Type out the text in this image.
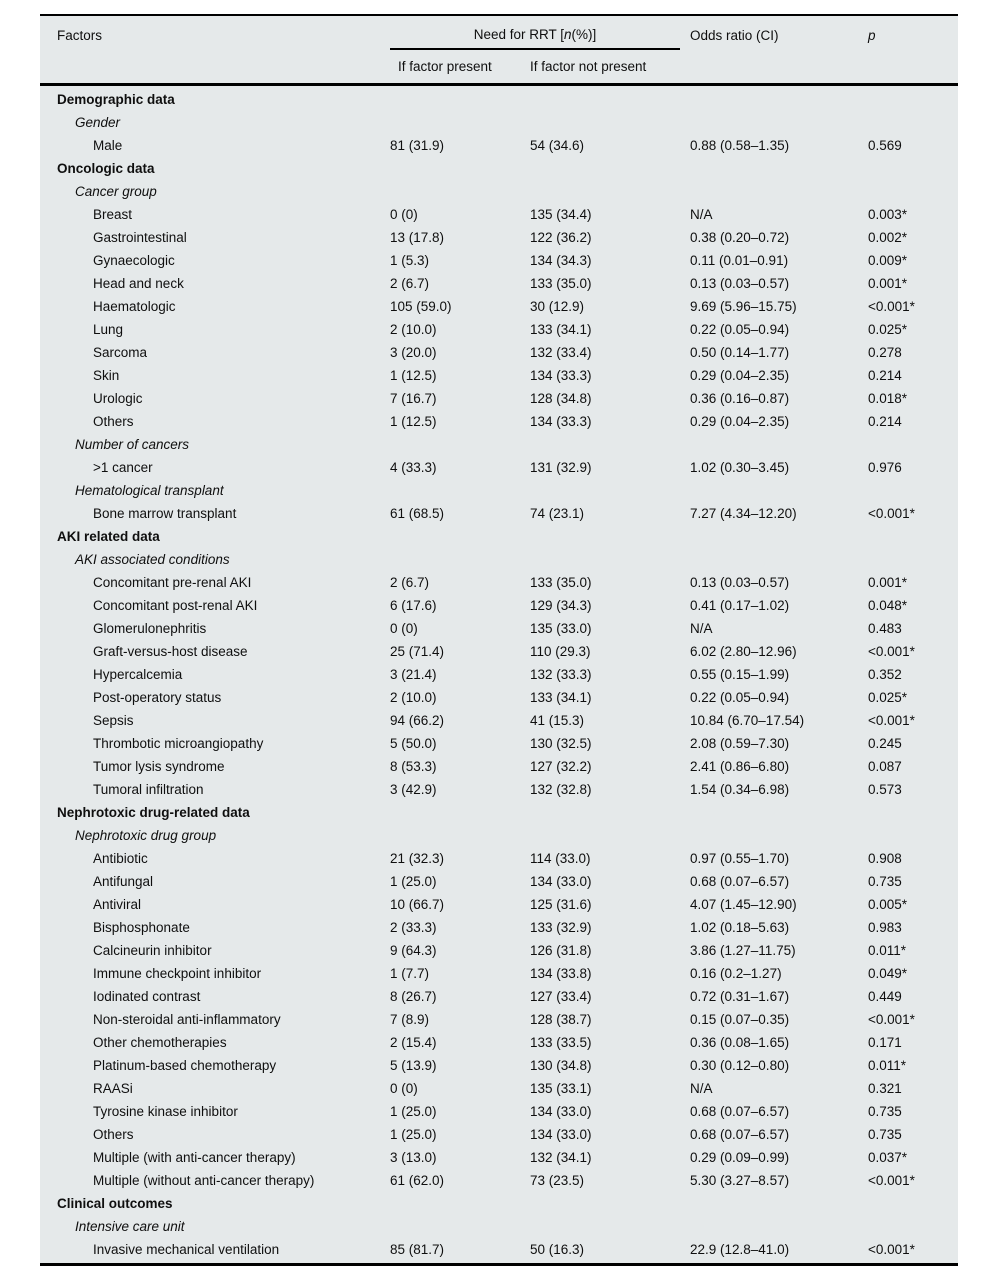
Factors	Need for RRT [ n (%)]	Odds ratio (CI)	p
If factor present	If factor not present
Demographic data
Gender
Male	81 (31.9)	54 (34.6)	0.88 (0.58–1.35)	0.569
Oncologic data
Cancer group
Breast	0 (0)	135 (34.4)	N/A	0.003*
Gastrointestinal	13 (17.8)	122 (36.2)	0.38 (0.20–0.72)	0.002*
Gynaecologic	1 (5.3)	134 (34.3)	0.11 (0.01–0.91)	0.009*
Head and neck	2 (6.7)	133 (35.0)	0.13 (0.03–0.57)	0.001*
Haematologic	105 (59.0)	30 (12.9)	9.69 (5.96–15.75)	<0.001*
Lung	2 (10.0)	133 (34.1)	0.22 (0.05–0.94)	0.025*
Sarcoma	3 (20.0)	132 (33.4)	0.50 (0.14–1.77)	0.278
Skin	1 (12.5)	134 (33.3)	0.29 (0.04–2.35)	0.214
Urologic	7 (16.7)	128 (34.8)	0.36 (0.16–0.87)	0.018*
Others	1 (12.5)	134 (33.3)	0.29 (0.04–2.35)	0.214
Number of cancers
>1 cancer	4 (33.3)	131 (32.9)	1.02 (0.30–3.45)	0.976
Hematological transplant
Bone marrow transplant	61 (68.5)	74 (23.1)	7.27 (4.34–12.20)	<0.001*
AKI related data
AKI associated conditions
Concomitant pre-renal AKI	2 (6.7)	133 (35.0)	0.13 (0.03–0.57)	0.001*
Concomitant post-renal AKI	6 (17.6)	129 (34.3)	0.41 (0.17–1.02)	0.048*
Glomerulonephritis	0 (0)	135 (33.0)	N/A	0.483
Graft-versus-host disease	25 (71.4)	110 (29.3)	6.02 (2.80–12.96)	<0.001*
Hypercalcemia	3 (21.4)	132 (33.3)	0.55 (0.15–1.99)	0.352
Post-operatory status	2 (10.0)	133 (34.1)	0.22 (0.05–0.94)	0.025*
Sepsis	94 (66.2)	41 (15.3)	10.84 (6.70–17.54)	<0.001*
Thrombotic microangiopathy	5 (50.0)	130 (32.5)	2.08 (0.59–7.30)	0.245
Tumor lysis syndrome	8 (53.3)	127 (32.2)	2.41 (0.86–6.80)	0.087
Tumoral infiltration	3 (42.9)	132 (32.8)	1.54 (0.34–6.98)	0.573
Nephrotoxic drug-related data
Nephrotoxic drug group
Antibiotic	21 (32.3)	114 (33.0)	0.97 (0.55–1.70)	0.908
Antifungal	1 (25.0)	134 (33.0)	0.68 (0.07–6.57)	0.735
Antiviral	10 (66.7)	125 (31.6)	4.07 (1.45–12.90)	0.005*
Bisphosphonate	2 (33.3)	133 (32.9)	1.02 (0.18–5.63)	0.983
Calcineurin inhibitor	9 (64.3)	126 (31.8)	3.86 (1.27–11.75)	0.011*
Immune checkpoint inhibitor	1 (7.7)	134 (33.8)	0.16 (0.2–1.27)	0.049*
Iodinated contrast	8 (26.7)	127 (33.4)	0.72 (0.31–1.67)	0.449
Non-steroidal anti-inflammatory	7 (8.9)	128 (38.7)	0.15 (0.07–0.35)	<0.001*
Other chemotherapies	2 (15.4)	133 (33.5)	0.36 (0.08–1.65)	0.171
Platinum-based chemotherapy	5 (13.9)	130 (34.8)	0.30 (0.12–0.80)	0.011*
RAASi	0 (0)	135 (33.1)	N/A	0.321
Tyrosine kinase inhibitor	1 (25.0)	134 (33.0)	0.68 (0.07–6.57)	0.735
Others	1 (25.0)	134 (33.0)	0.68 (0.07–6.57)	0.735
Multiple (with anti-cancer therapy)	3 (13.0)	132 (34.1)	0.29 (0.09–0.99)	0.037*
Multiple (without anti-cancer therapy)	61 (62.0)	73 (23.5)	5.30 (3.27–8.57)	<0.001*
Clinical outcomes
Intensive care unit
Invasive mechanical ventilation	85 (81.7)	50 (16.3)	22.9 (12.8–41.0)	<0.001*
